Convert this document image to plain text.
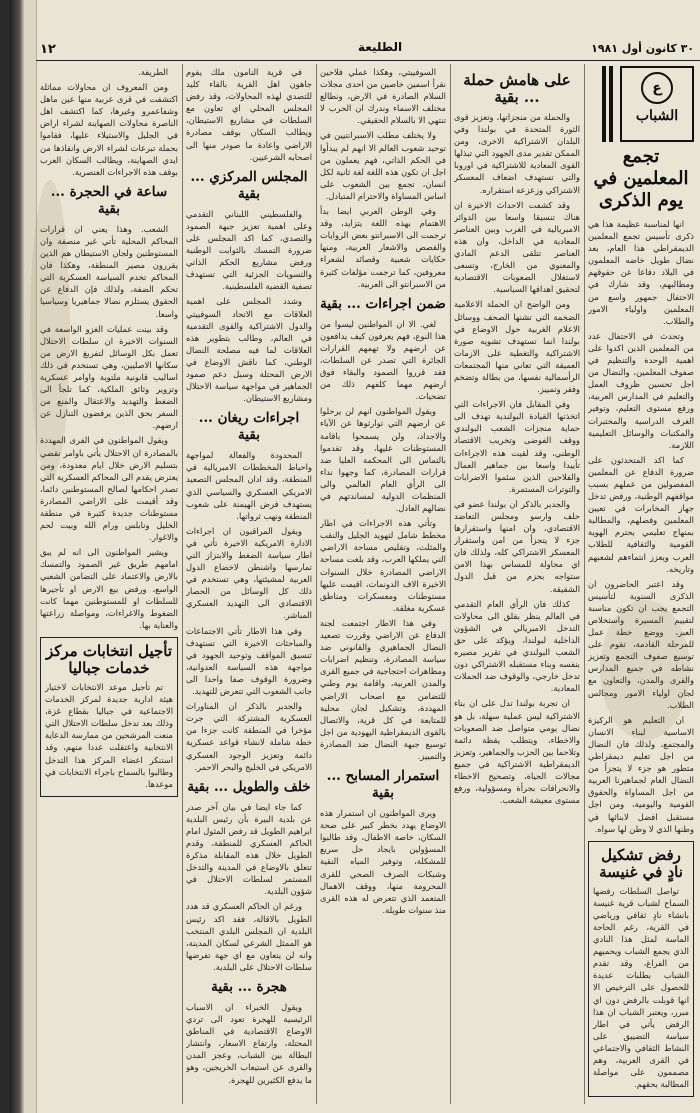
١٢	الطليعة	٣٠ كانون أول ١٩٨١

الطريقة.

ومن المعروف ان محاولات مماثلة اكتشفت في قرى عربية منها عين ماهل وشفاعمرو وغيرها، كما اكتشف اهل الناصرة محاولات الصهاينة لشراء اراض في الجليل والاستيلاء عليها، فقاموا بحملة تبرعات لشراء الارض وانقاذها من ايدي الصهاينة، ويطالب السكان العرب بوقف هذه الاجراءات العنصرية.

ساعة في الحجرة ... بقية

الشعب. وهذا يعني ان قرارات المحاكم المحلية تأتي غير منصفة وان المستوطنين ولجان الاستيطان هم الذين يقررون مصير المنطقة، وهكذا فان المحاكم تخدم السياسة العسكرية التي تحكم الضفة، ولذلك فإن الدفاع عن الحقوق يستلزم نضالا جماهيريا وسياسيا واسعا.

وقد بينت عمليات الغزو الواسعة في السنوات الاخيرة ان سلطات الاحتلال تعمل بكل الوسائل لتفريغ الارض من سكانها الاصليين، وهي تستخدم في ذلك اساليب قانونية ملتوية واوامر عسكرية وتزوير وثائق الملكية، كما تلجأ الى الضغط والتهديد والاعتقال والمنع من السفر بحق الذين يرفضون التنازل عن ارضهم.

ويقول المواطنون في القرى المهددة بالمصادرة ان الاحتلال يأتي باوامر تقضي بتسليم الارض خلال ايام معدودة، ومن يعترض يقدم الى المحاكم العسكرية التي تصدر احكامها لصالح المستوطنين دائما، وقد أقيمت على الاراضي المصادرة مستوطنات جديدة كثيرة في منطقة الخليل ونابلس ورام الله وبيت لحم والاغوار.

ويشير المواطنون الى انه لم يبق امامهم طريق غير الصمود والتمسك بالارض والاعتماد على التضامن الشعبي الواسع، ورفض بيع الارض او تأجيرها للسلطات او للمستوطنين مهما كانت الضغوط والاغراءات، ومواصلة زراعتها والعناية بها.

تأجيل انتخابات مركز خدمات جباليا

تم تأجيل موعد الانتخابات لاختيار هيئة ادارية جديدة لمركز الخدمات الاجتماعية في جباليا بقطاع غزة، وذلك بعد تدخل سلطات الاحتلال التي منعت المرشحين من ممارسة الدعاية الانتخابية واعتقلت عددا منهم، وقد استنكر اعضاء المركز هذا التدخل وطالبوا بالسماح باجراء الانتخابات في موعدها.

في قرية النامون ملك يقوم جاهون اهل القرية بالقاء كليد للتصدي لهذه المحاولات، وقد رفض المجلس المحلي اي تعاون مع السلطات في مشاريع الاستيطان، ويطالب السكان بوقف مصادرة الاراضي واعادة ما صودر منها الى اصحابه الشرعيين.

المجلس المركزي ... بقية

والفلسطيني اللبناني التقدمي وعلى اهمية تعزيز جبهة الصمود والتصدي، كما اكد المجلس على ضرورة التمسك بالثوابت الوطنية ورفض مشاريع الحكم الذاتي والتسويات الجزئية التي تستهدف تصفية القضية الفلسطينية.

وشدد المجلس على اهمية العلاقات مع الاتحاد السوفييتي والدول الاشتراكية والقوى التقدمية في العالم، وطالب بتطوير هذه العلاقات لما فيه مصلحة النضال الوطني، كما ناقش الاوضاع في الارض المحتلة وسبل دعم صمود الجماهير في مواجهة سياسة الاحتلال ومشاريع الاستيطان.

اجراءات ريغان ... بقية

المحدودة والفعالة لمواجهة واحباط المخططات الامبريالية في المنطقة، وقد ادان المجلس التصعيد الامريكي العسكري والسياسي الذي يستهدف فرض الهيمنة على شعوب المنطقة ونهب ثرواتها.

ويقول المراقبون ان اجراءات الادارة الامريكية الاخيرة تأتي في اطار سياسة الضغط والابتزاز التي تمارسها واشنطن لاخضاع الدول العربية لمشيئتها، وهي تستخدم في ذلك كل الوسائل من الحصار الاقتصادي الى التهديد العسكري المباشر.

وفي هذا الاطار تأتي الاجتماعات والمباحثات الاخيرة التي تستهدف تنسيق المواقف وتوحيد الجهود في مواجهة هذه السياسة العدوانية، وضرورة الوقوف صفا واحدا الى جانب الشعوب التي تتعرض للتهديد.

والجدير بالذكر ان المناورات العسكرية المشتركة التي جرت مؤخرا في المنطقة كانت جزءا من خطة شاملة لانشاء قواعد عسكرية دائمة وتعزيز الوجود العسكري الامريكي في الخليج والبحر الاحمر.

خلف والطويل ... بقية

كما جاء ايضا في بيان آخر صدر عن بلدية البيرة بأن رئيس البلدية ابراهيم الطويل قد رفض المثول امام الحاكم العسكري للمنطقة، وقدم الطويل خلال هذه المقابلة مذكرة تتعلق بالاوضاع في المدينة والتدخل المستمر لسلطات الاحتلال في شؤون البلدية.

ورغم ان الحاكم العسكري قد هدد الطويل بالاقالة، فقد اكد رئيس البلدية ان المجلس البلدي المنتخب هو الممثل الشرعي لسكان المدينة، وانه لن يتعاون مع اي جهة تفرضها سلطات الاحتلال على البلدية.

هجرة ... بقية

ويقول الخبراء ان الاسباب الرئيسية للهجرة تعود الى تردي الاوضاع الاقتصادية في المناطق المحتلة، وارتفاع الاسعار، وانتشار البطالة بين الشباب، وعجز المدن والقرى عن استيعاب الخريجين، وهو ما يدفع الكثيرين للهجرة.

السوفييتي، وهكذا عملي فلاحين نقرأ اسمين خاصين من احدى مجلات السلام الصادرة في الارض، ونطالع مختلف الاسماء وندرك ان الحرب لا تنتهي الا بالسلام الحقيقي.

ولا يختلف مطلب الاسبرانتيين في توحيد شعوب العالم الا انهم لم يبدأوا في الحكم الذاتي، فهم يعملون من اجل ان تكون هذه اللغة لغة ثانية لكل انسان، تجمع بين الشعوب على اساس المساواة والاحترام المتبادل.

وفي الوطن العربي ايضا بدأ الاهتمام بهذه اللغة يتزايد، وقد ترجمت الى الاسبرانتو بعض الروايات والقصص والاشعار العربية، ومنها حكايات شعبية وقصائد لشعراء معروفين، كما ترجمت مؤلفات كثيرة من الاسبرانتو الى العربية.

ضمن اجراءات ... بقية

لغي. الا ان المواطنين ليسوا من هذا النوع، فهم يعرفون كيف يدافعون عن ارضهم ولا تهمهم القرارات الجائرة التي تصدر عن السلطات، فقد قرروا الصمود والبقاء فوق ارضهم مهما كلفهم ذلك من تضحيات.

ويقول المواطنون انهم لن يرحلوا عن ارضهم التي توارثوها عن الآباء والاجداد، ولن يسمحوا باقامة المستوطنات عليها، وقد تقدموا بالتماس الى المحكمة العليا ضد قرارات المصادرة، كما وجهوا نداء الى الرأي العام العالمي والى المنظمات الدولية لمساندتهم في نضالهم العادل.

وتأتي هذه الاجراءات في اطار مخطط شامل لتهويد الجليل والنقب والمثلث، وتقليص مساحة الاراضي التي يملكها العرب، وقد بلغت مساحة الاراضي المصادرة خلال السنوات الاخيرة الاف الدونمات، اقيمت عليها مستوطنات ومعسكرات ومناطق عسكرية مغلقة.

وفي هذا الاطار اجتمعت لجنة الدفاع عن الاراضي وقررت تصعيد النضال الجماهيري والقانوني ضد سياسة المصادرة، وتنظيم اضرابات ومظاهرات احتجاجية في جميع القرى والمدن العربية، واقامة يوم وطني للتضامن مع اصحاب الاراضي المهددة، وتشكيل لجان محلية للمتابعة في كل قرية، والاتصال بالقوى الديمقراطية اليهودية من اجل توسيع جبهة النضال ضد المصادرة والتمييز.

استمرار المسابح ... بقية

ويرى المواطنون ان استمرار هذه الاوضاع يهدد بخطر كبير على صحة السكان، خاصة الاطفال، وقد طالبوا المسؤولين بايجاد حل سريع للمشكلة، وتوفير المياه النقية وشبكات الصرف الصحي للقرى المحرومة منها، ووقف الاهمال المتعمد الذي تتعرض له هذه القرى منذ سنوات طويلة.

على هامش حملة ... بقية

والحملة من منجزاتها، وتعزيز قوى الثورة المتحدة في بولندا وفي البلدان الاشتراكية الاخرى، ومن الممكن تقدير مدى الجهود التي تبذلها القوى المعادية للاشتراكية في اوروبا والتي تستهدف اضعاف المعسكر الاشتراكي وزعزعة استقراره.

وقد كشفت الاحداث الاخيرة ان هناك تنسيقا واسعا بين الدوائر الامبريالية في الغرب وبين العناصر المعادية في الداخل، وان هذه العناصر تتلقى الدعم المادي والمعنوي من الخارج، وتسعى لاستغلال الصعوبات الاقتصادية لتحقيق اهدافها السياسية.

ومن الواضح ان الحملة الاعلامية الضخمة التي تشنها الصحف ووسائل الاعلام الغربية حول الاوضاع في بولندا انما تستهدف تشويه صورة الاشتراكية والتغطية على الازمات العميقة التي تعاني منها المجتمعات الرأسمالية نفسها، من بطالة وتضخم وفقر وتمييز.

وفي المقابل فان الاجراءات التي اتخذتها القيادة البولندية تهدف الى حماية منجزات الشعب البولندي ووقف الفوضى وتخريب الاقتصاد الوطني، وقد لقيت هذه الاجراءات تأييدا واسعا بين جماهير العمال والفلاحين الذين سئموا الاضرابات والتوترات المستمرة.

والجدير بالذكر ان بولندا عضو في حلف وارسو ومجلس التعاضد الاقتصادي، وان امنها واستقرارها جزء لا يتجزأ من امن واستقرار المعسكر الاشتراكي كله، ولذلك فان اي محاولة للمساس بهذا الامن ستواجه بحزم من قبل الدول الشقيقة.

كذلك فان الرأي العام التقدمي في العالم ينظر بقلق الى محاولات التدخل الامبريالي في الشؤون الداخلية لبولندا، ويؤكد على حق الشعب البولندي في تقرير مصيره بنفسه وبناء مستقبله الاشتراكي دون تدخل خارجي، والوقوف ضد الحملات المعادية.

ان تجربة بولندا تدل على ان بناء الاشتراكية ليس عملية سهلة، بل هو نضال يومي متواصل ضد الصعوبات والاخطاء، ويتطلب يقظة دائمة وتلاحما بين الحزب والجماهير، وتعزيز الديمقراطية الاشتراكية في جميع مجالات الحياة، وتصحيح الاخطاء والانحرافات بجرأة ومسؤولية، ورفع مستوى معيشة الشعب.

ع
الشباب
تجمع المعلمين في يوم الذكرى

انها لمناسبة عظيمة هذا هي ذكرى تأسيس تجمع المعلمين الديمقراطي هذا العام، بعد نضال طويل خاضه المعلمون في البلاد دفاعا عن حقوقهم ومطالبهم، وقد شارك في الاحتفال جمهور واسع من المعلمين واولياء الامور والطلاب.

وتحدث في الاحتفال عدد من المعلمين الذين اكدوا على اهمية الوحدة والتنظيم في صفوف المعلمين، والنضال من اجل تحسين ظروف العمل والتعليم في المدارس العربية، ورفع مستوى التعليم، وتوفير الغرف الدراسية والمختبرات والمكتبات والوسائل التعليمية اللازمة.

كما اكد المتحدثون على ضرورة الدفاع عن المعلمين المفصولين من عملهم بسبب مواقفهم الوطنية، ورفض تدخل جهاز المخابرات في تعيين المعلمين وفصلهم، والمطالبة بمنهاج تعليمي يحترم الهوية القومية والثقافية للطلاب العرب ويعزز انتماءهم لشعبهم وتاريخه.

وقد اعتبر الحاضرون ان الذكرى السنوية لتأسيس التجمع يجب ان تكون مناسبة لتقييم المسيرة واستخلاص العبر، ووضع خطة عمل للمرحلة القادمة، تقوم على توسيع صفوف التجمع وتعزيز نشاطه في جميع المدارس والقرى والمدن، والتعاون مع لجان اولياء الامور ومجالس الطلاب.

ان التعليم هو الركيزة الاساسية لبناء الانسان والمجتمع، ولذلك فان النضال من اجل تعليم ديمقراطي متطور هو جزء لا يتجزأ من النضال العام لجماهيرنا العربية من اجل المساواة والحقوق القومية واليومية، ومن اجل مستقبل افضل لابنائها في وطنها الذي لا وطن لها سواه.

رفض تشكيل نادٍ في غنيسة

تواصل السلطات رفضها السماح لشباب قرية غنيسة بانشاء نادٍ ثقافي ورياضي في القرية، رغم الحاجة الماسة لمثل هذا النادي الذي يجمع الشباب ويحميهم من الفراغ، وقد تقدم الشباب بطلبات عديدة للحصول على الترخيص الا انها قوبلت بالرفض دون اي مبرر، ويعتبر الشباب ان هذا الرفض يأتي في اطار سياسة التضييق على النشاط الثقافي والاجتماعي في القرى العربية، وهم مصممون على مواصلة المطالبة بحقهم.
